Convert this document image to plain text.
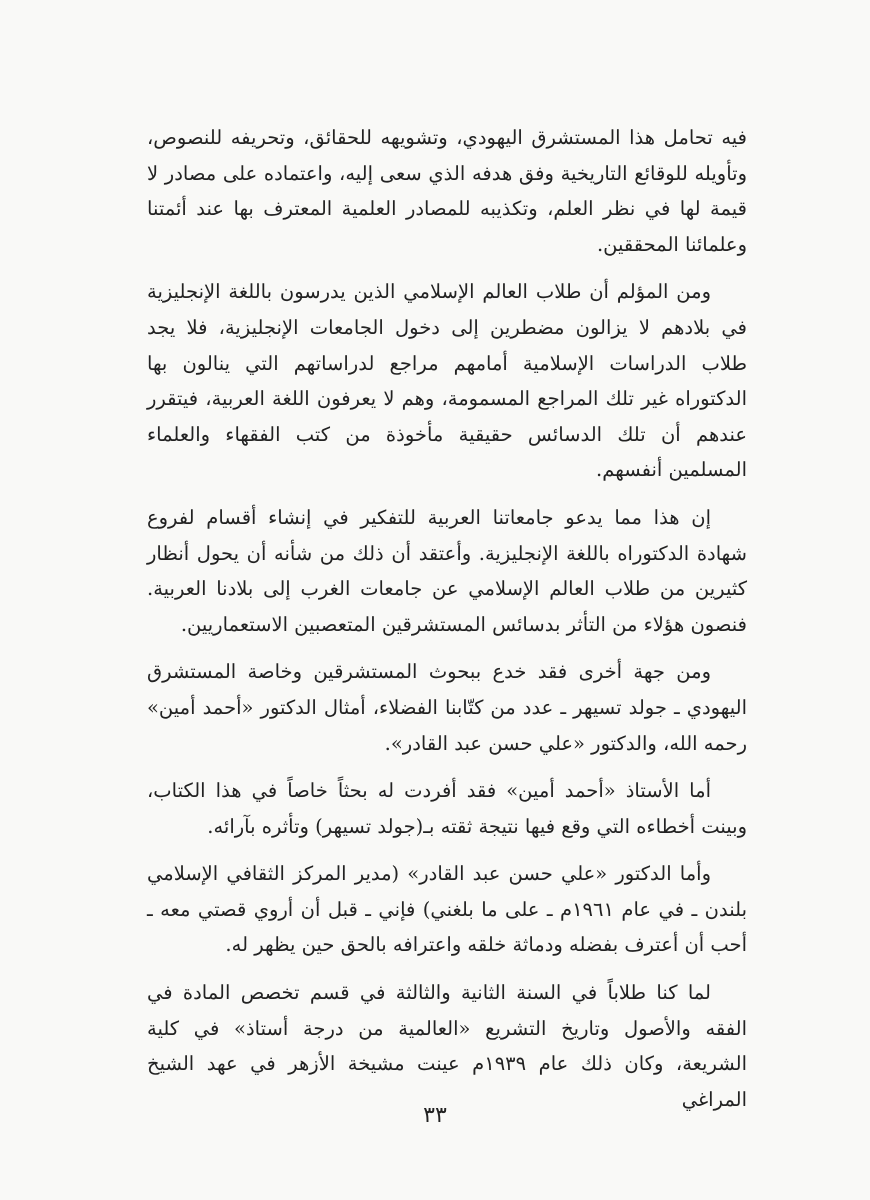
فيه تحامل هذا المستشرق اليهودي، وتشويهه للحقائق، وتحريفه للنصوص، وتأويله للوقائع التاريخية وفق هدفه الذي سعى إليه، واعتماده على مصادر لا قيمة لها في نظر العلم، وتكذيبه للمصادر العلمية المعترف بها عند أئمتنا وعلمائنا المحققين.

ومن المؤلم أن طلاب العالم الإسلامي الذين يدرسون باللغة الإنجليزية في بلادهم لا يزالون مضطرين إلى دخول الجامعات الإنجليزية، فلا يجد طلاب الدراسات الإسلامية أمامهم مراجع لدراساتهم التي ينالون بها الدكتوراه غير تلك المراجع المسمومة، وهم لا يعرفون اللغة العربية، فيتقرر عندهم أن تلك الدسائس حقيقية مأخوذة من كتب الفقهاء والعلماء المسلمين أنفسهم.

إن هذا مما يدعو جامعاتنا العربية للتفكير في إنشاء أقسام لفروع شهادة الدكتوراه باللغة الإنجليزية. وأعتقد أن ذلك من شأنه أن يحول أنظار كثيرين من طلاب العالم الإسلامي عن جامعات الغرب إلى بلادنا العربية. فنصون هؤلاء من التأثر بدسائس المستشرقين المتعصبين الاستعماريين.

ومن جهة أخرى فقد خدع ببحوث المستشرقين وخاصة المستشرق اليهودي ـ جولد تسيهر ـ عدد من كتّابنا الفضلاء، أمثال الدكتور «أحمد أمين» رحمه الله، والدكتور «علي حسن عبد القادر».

أما الأستاذ «أحمد أمين» فقد أفردت له بحثاً خاصاً في هذا الكتاب، وبينت أخطاءه التي وقع فيها نتيجة ثقته بـ(جولد تسيهر) وتأثره بآرائه.

وأما الدكتور «علي حسن عبد القادر» (مدير المركز الثقافي الإسلامي بلندن ـ في عام ١٩٦١م ـ على ما بلغني) فإني ـ قبل أن أروي قصتي معه ـ أحب أن أعترف بفضله ودماثة خلقه واعترافه بالحق حين يظهر له.

لما كنا طلاباً في السنة الثانية والثالثة في قسم تخصص المادة في الفقه والأصول وتاريخ التشريع «العالمية من درجة أستاذ» في كلية الشريعة، وكان ذلك عام ١٩٣٩م عينت مشيخة الأزهر في عهد الشيخ المراغي

٣٣
